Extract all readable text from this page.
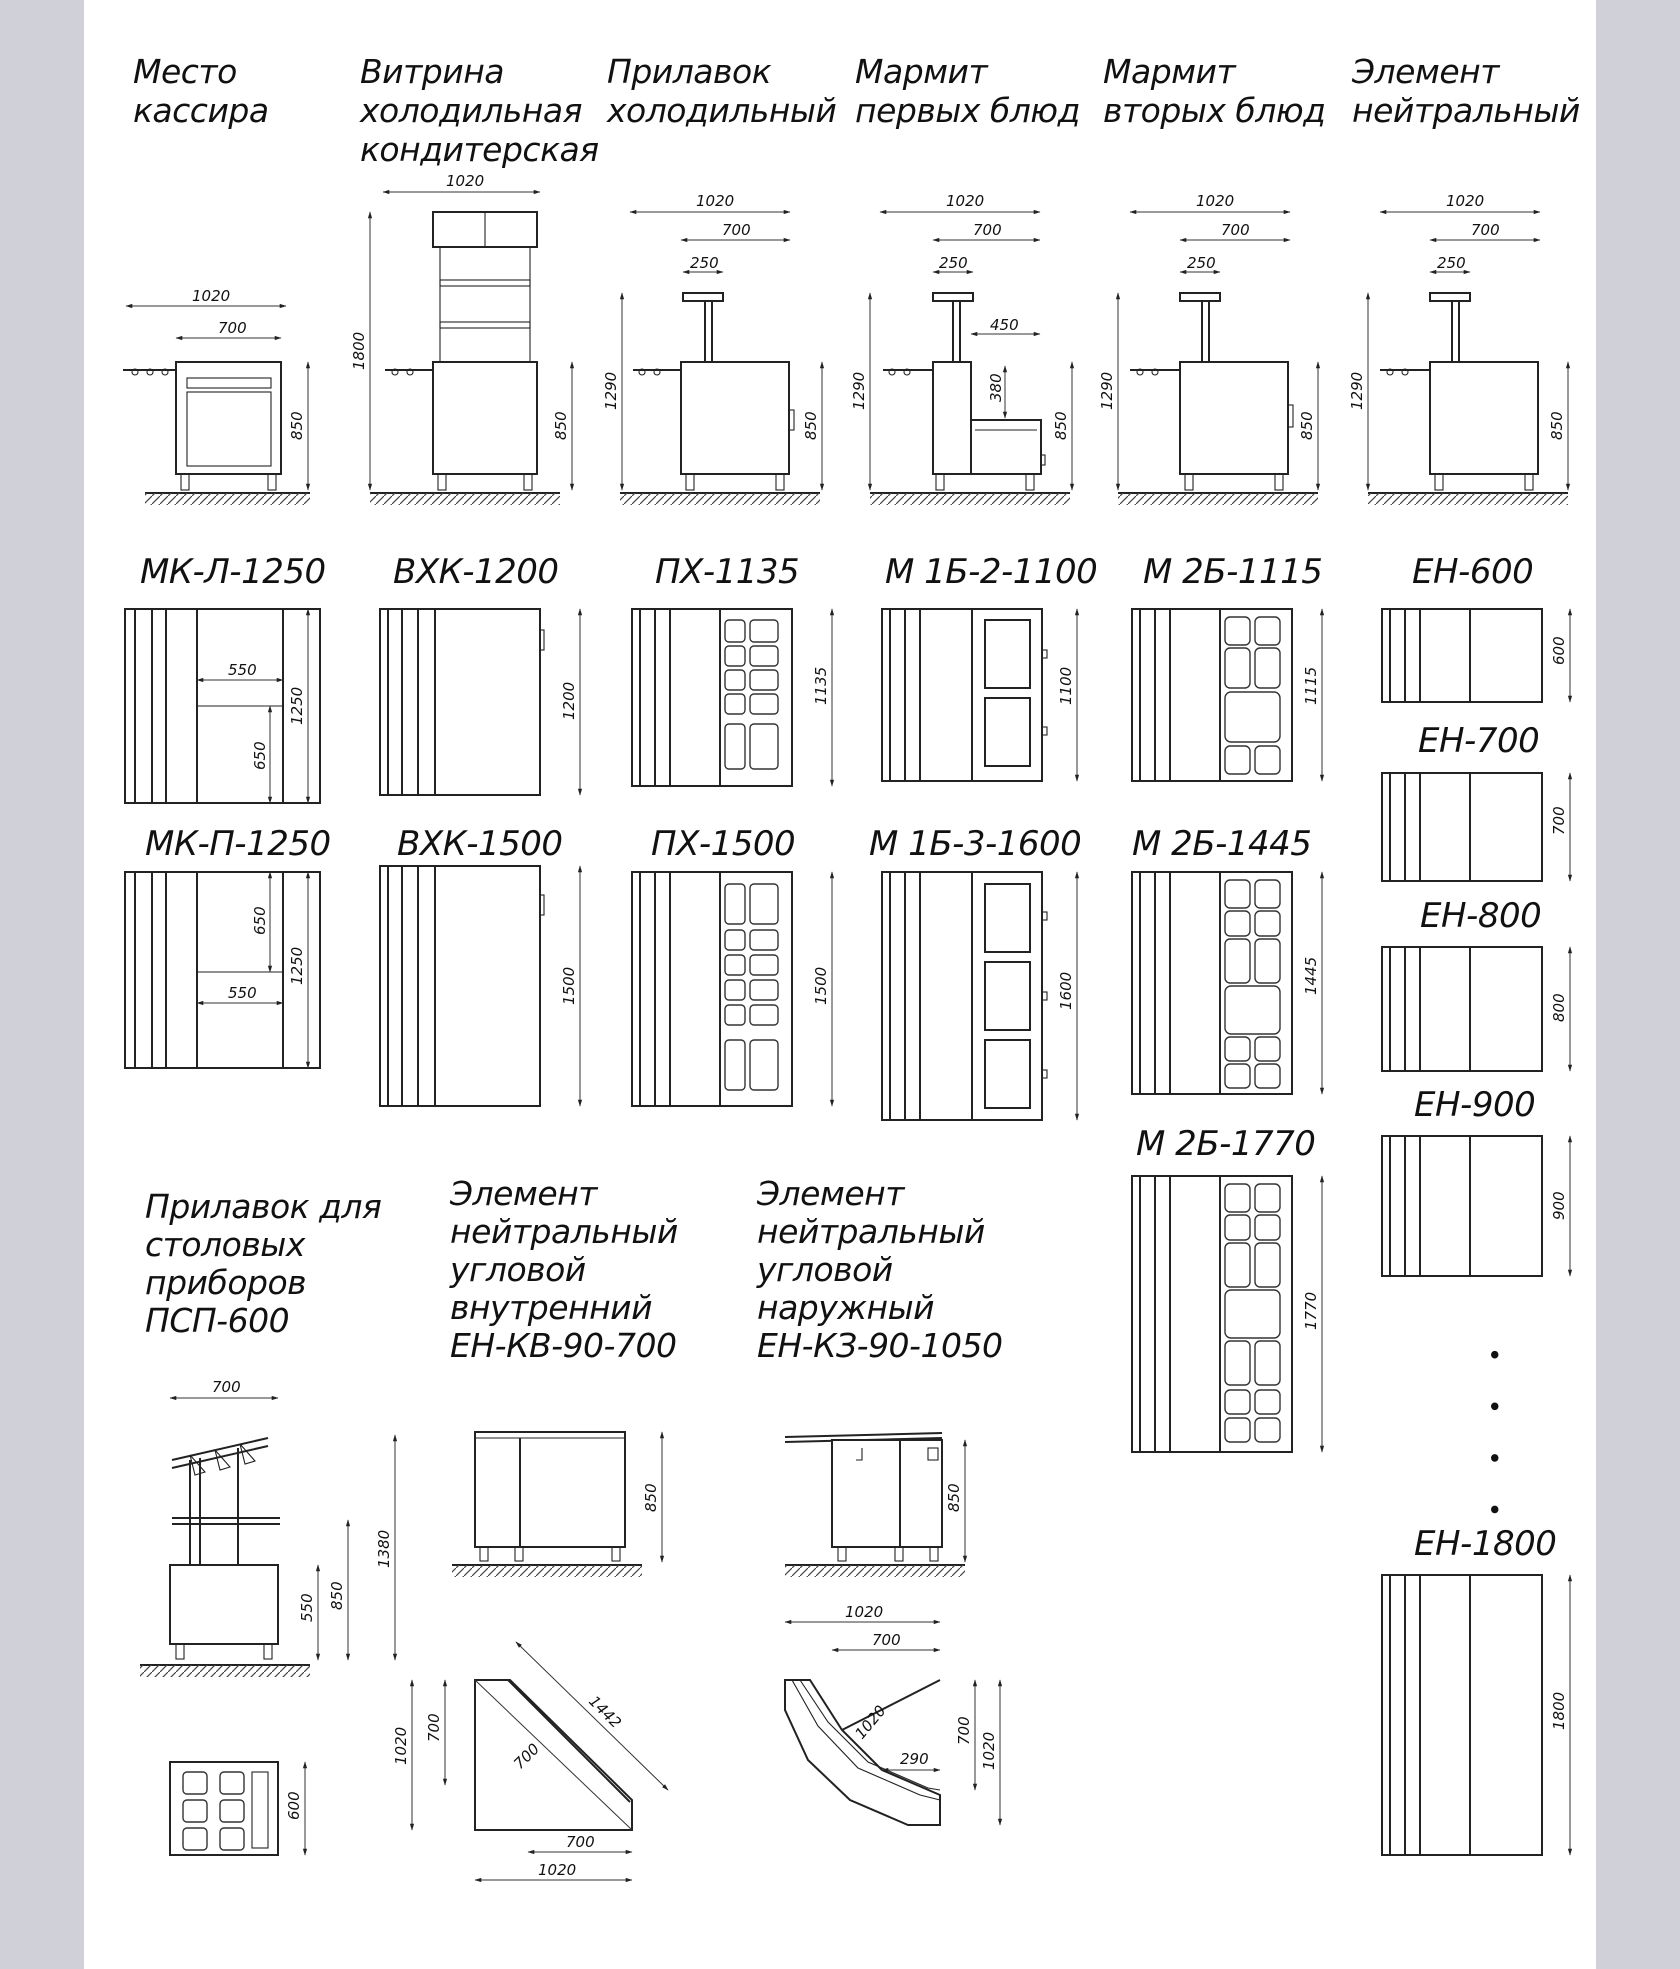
Место кассира
Витрина холодильная кондитерская
Прилавок холодильный
Мармит первых блюд
Мармит вторых блюд
Элемент нейтральный
1020
700
850
1020
1800
850
1020
700
250
1290
850
1020
700
250
450
380
1290
850
1020
700
250
1290
850
1020
700
250
1290
850
МК-Л-1250 ВХК-1200	ПХ-1135	М 1Б-2-1100 М 2Б-1115	ЕН-600
ЕН-700
МК-П-1250 ВХК-1500	ПХ-1500 М 1Б-3-1600 М 2Б-1445
ЕН-800
ЕН-900
М 2Б-1770
ЕН-1800
550
650
1250	1200	1135	1100	1115
600
700
650
550
1250
1500	1500	1600	1445
800
900
• • • •
1770
1800
Прилавок для столовых приборов ПСП-600
Элемент нейтральный угловой внутренний ЕН-КВ-90-700
Элемент нейтральный угловой наружный ЕН-КЗ-90-1050
700
550 850
1380
600
850
1020 700	1442
700
700
1020
850
1020
700
1020
290
700
1020
